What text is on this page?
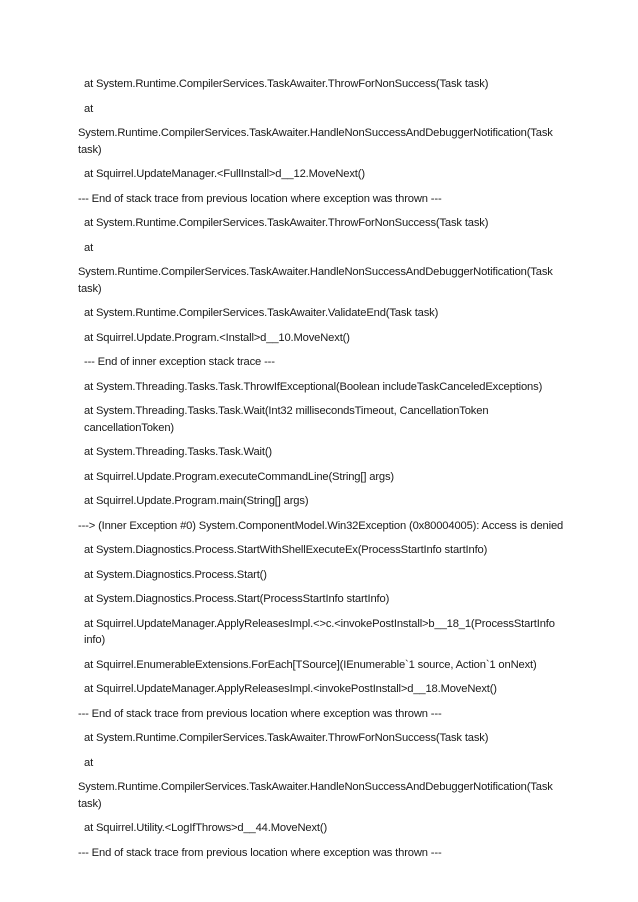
at System.Runtime.CompilerServices.TaskAwaiter.ThrowForNonSuccess(Task task)
at
System.Runtime.CompilerServices.TaskAwaiter.HandleNonSuccessAndDebuggerNotification(Task task)
at Squirrel.UpdateManager.<FullInstall>d__12.MoveNext()
--- End of stack trace from previous location where exception was thrown ---
at System.Runtime.CompilerServices.TaskAwaiter.ThrowForNonSuccess(Task task)
at
System.Runtime.CompilerServices.TaskAwaiter.HandleNonSuccessAndDebuggerNotification(Task task)
at System.Runtime.CompilerServices.TaskAwaiter.ValidateEnd(Task task)
at Squirrel.Update.Program.<Install>d__10.MoveNext()
--- End of inner exception stack trace ---
at System.Threading.Tasks.Task.ThrowIfExceptional(Boolean includeTaskCanceledExceptions)
at System.Threading.Tasks.Task.Wait(Int32 millisecondsTimeout, CancellationToken cancellationToken)
at System.Threading.Tasks.Task.Wait()
at Squirrel.Update.Program.executeCommandLine(String[] args)
at Squirrel.Update.Program.main(String[] args)
---> (Inner Exception #0) System.ComponentModel.Win32Exception (0x80004005): Access is denied
at System.Diagnostics.Process.StartWithShellExecuteEx(ProcessStartInfo startInfo)
at System.Diagnostics.Process.Start()
at System.Diagnostics.Process.Start(ProcessStartInfo startInfo)
at Squirrel.UpdateManager.ApplyReleasesImpl.<>c.<invokePostInstall>b__18_1(ProcessStartInfo info)
at Squirrel.EnumerableExtensions.ForEach[TSource](IEnumerable`1 source, Action`1 onNext)
at Squirrel.UpdateManager.ApplyReleasesImpl.<invokePostInstall>d__18.MoveNext()
--- End of stack trace from previous location where exception was thrown ---
at System.Runtime.CompilerServices.TaskAwaiter.ThrowForNonSuccess(Task task)
at
System.Runtime.CompilerServices.TaskAwaiter.HandleNonSuccessAndDebuggerNotification(Task task)
at Squirrel.Utility.<LogIfThrows>d__44.MoveNext()
--- End of stack trace from previous location where exception was thrown ---
